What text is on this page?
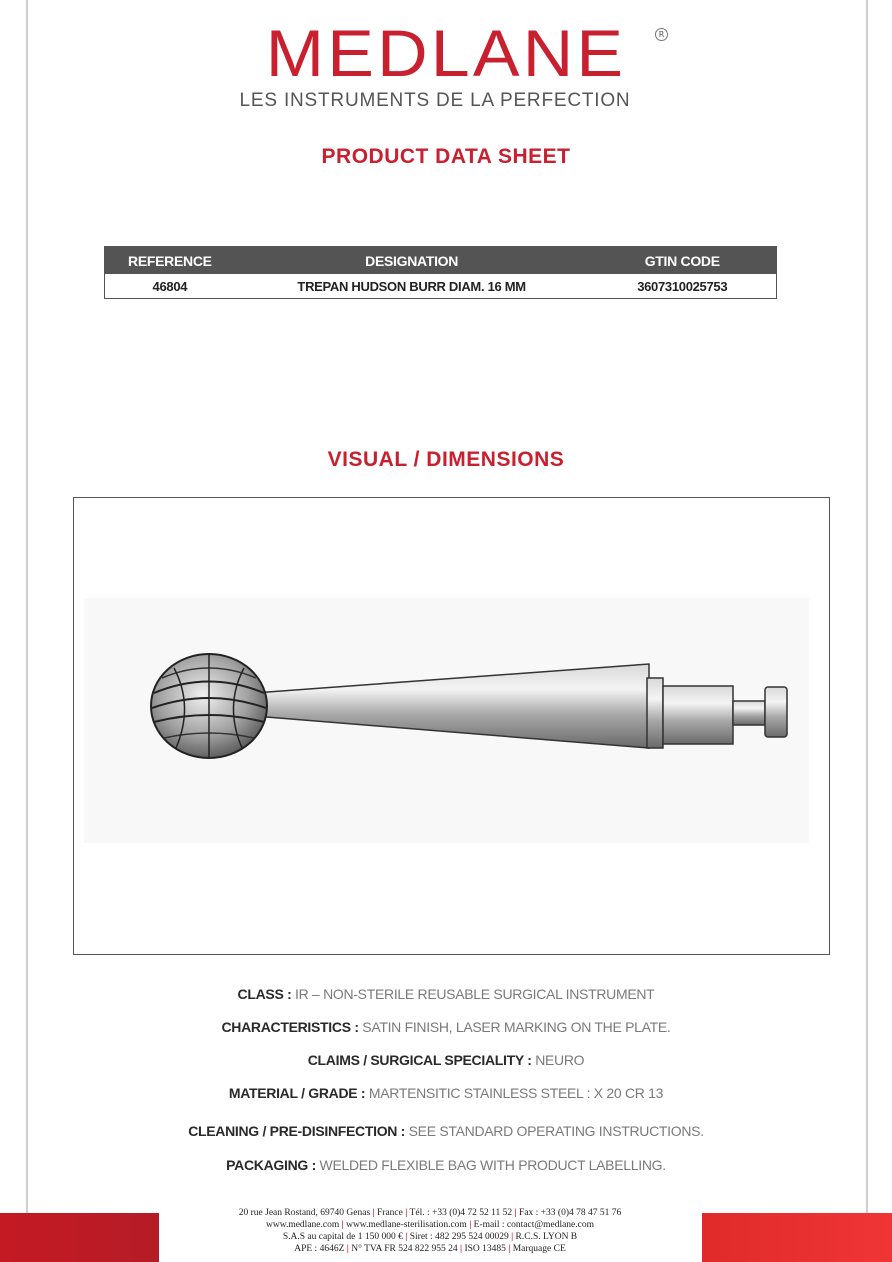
MEDLANE	R
LES INSTRUMENTS DE LA PERFECTION
PRODUCT DATA SHEET
REFERENCE	DESIGNATION	GTIN CODE
46804	TREPAN HUDSON BURR DIAM. 16 MM	3607310025753
VISUAL / DIMENSIONS
CLASS : IR – NON-STERILE REUSABLE SURGICAL INSTRUMENT
CHARACTERISTICS : SATIN FINISH, LASER MARKING ON THE PLATE.
CLAIMS / SURGICAL SPECIALITY : NEURO
MATERIAL / GRADE : MARTENSITIC STAINLESS STEEL : X 20 CR 13
CLEANING / PRE-DISINFECTION : SEE STANDARD OPERATING INSTRUCTIONS.
PACKAGING : WELDED FLEXIBLE BAG WITH PRODUCT LABELLING.
20 rue Jean Rostand, 69740 Genas | France | Tél. : +33 (0)4 72 52 11 52 | Fax : +33 (0)4 78 47 51 76
www.medlane.com | www.medlane-sterilisation.com | E-mail : contact@medlane.com
S.A.S au capital de 1 150 000 € | Siret : 482 295 524 00029 | R.C.S. LYON B
APE : 4646Z | N° TVA FR 524 822 955 24 | ISO 13485 | Marquage CE
